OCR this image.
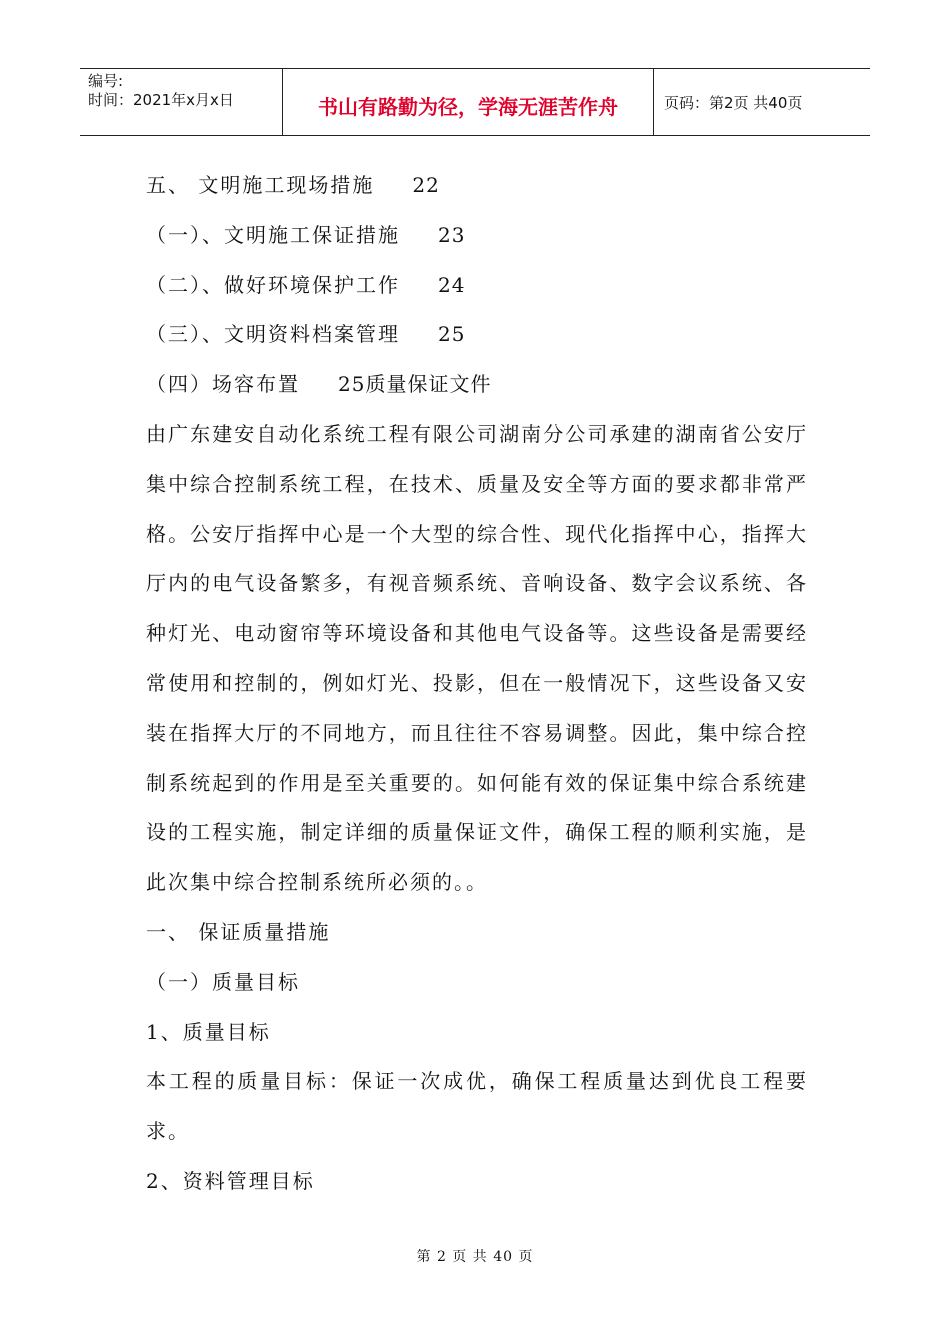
编号:
时间：2021年x月x日	书山有路勤为径，学海无涯苦作舟	页码：第2页 共40页

五、 文明施工现场措施 22

（一）、文明施工保证措施 23

（二）、做好环境保护工作 24

（三）、文明资料档案管理 25

（四）场容布置 25质量保证文件

由广东建安自动化系统工程有限公司湖南分公司承建的湖南省公安厅集中综合控制系统工程，在技术、质量及安全等方面的要求都非常严格。公安厅指挥中心是一个大型的综合性、现代化指挥中心，指挥大厅内的电气设备繁多，有视音频系统、音响设备、数字会议系统、各种灯光、电动窗帘等环境设备和其他电气设备等。这些设备是需要经常使用和控制的，例如灯光、投影，但在一般情况下，这些设备又安装在指挥大厅的不同地方，而且往往不容易调整。因此，集中综合控制系统起到的作用是至关重要的。如何能有效的保证集中综合系统建设的工程实施，制定详细的质量保证文件，确保工程的顺利实施，是此次集中综合控制系统所必须的。。

一、 保证质量措施

（一）质量目标

1、质量目标

本工程的质量目标：保证一次成优，确保工程质量达到优良工程要求。

2、资料管理目标

第 2 页 共 40 页
